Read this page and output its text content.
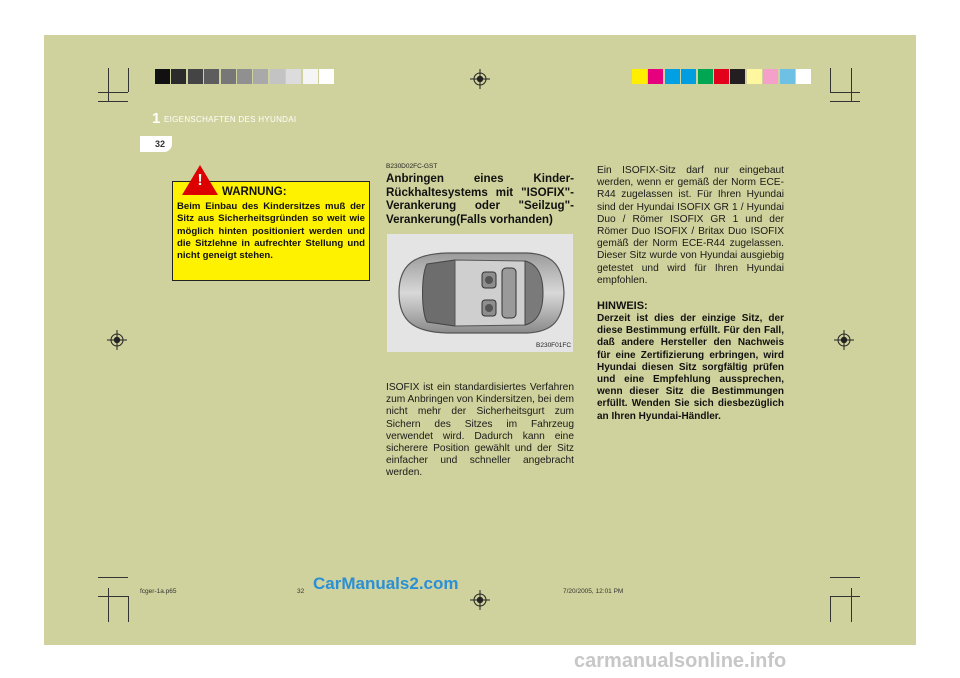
1 EIGENSCHAFTEN DES HYUNDAI
32
!
WARNUNG:
Beim Einbau des Kindersitzes muß der Sitz aus Sicherheitsgründen so weit wie möglich hinten positioniert werden und die Sitzlehne in aufrechter Stellung und nicht geneigt stehen.
B230D02FC-GST
Anbringen eines Kinder-Rückhaltesystems mit "ISOFIX"-Verankerung oder "Seilzug"-Verankerung(Falls vorhanden)
B230F01FC
ISOFIX ist ein standardisiertes Verfahren zum Anbringen von Kindersitzen, bei dem nicht mehr der Sicherheitsgurt zum Sichern des Sitzes im Fahrzeug verwendet wird. Dadurch kann eine sicherere Position gewählt und der Sitz einfacher und schneller angebracht werden.
Ein ISOFIX-Sitz darf nur eingebaut werden, wenn er gemäß der Norm ECE-R44 zugelassen ist. Für Ihren Hyundai sind der Hyundai ISOFIX GR 1 / Hyundai Duo / Römer ISOFIX GR 1 und der Römer Duo ISOFIX / Britax Duo ISOFIX gemäß der Norm ECE-R44 zugelassen. Dieser Sitz wurde von Hyundai ausgiebig getestet und wird für Ihren Hyundai empfohlen.
HINWEIS:
Derzeit ist dies der einzige Sitz, der diese Bestimmung erfüllt. Für den Fall, daß andere Hersteller den Nachweis für eine Zertifizierung erbringen, wird Hyundai diesen Sitz sorgfältig prüfen und eine Empfehlung aussprechen, wenn dieser Sitz die Bestimmungen erfüllt. Wenden Sie sich diesbezüglich an Ihren Hyundai-Händler.
fcger-1a.p65	32	7/20/2005, 12:01 PM
CarManuals2.com
carmanualsonline.info
